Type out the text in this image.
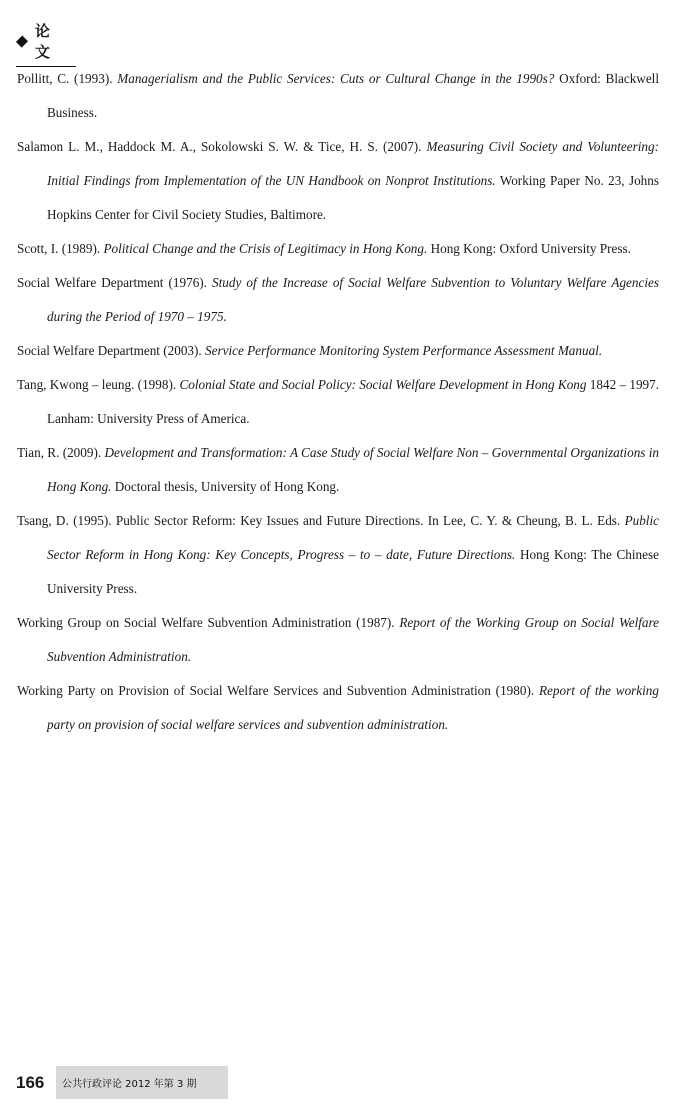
论 文
Pollitt, C. (1993). Managerialism and the Public Services: Cuts or Cultural Change in the 1990s? Oxford: Blackwell Business.
Salamon L. M., Haddock M. A., Sokolowski S. W. & Tice, H. S. (2007). Measuring Civil Society and Volunteering: Initial Findings from Implementation of the UN Handbook on Nonprot Institutions. Working Paper No. 23, Johns Hopkins Center for Civil Society Studies, Baltimore.
Scott, I. (1989). Political Change and the Crisis of Legitimacy in Hong Kong. Hong Kong: Oxford University Press.
Social Welfare Department (1976). Study of the Increase of Social Welfare Subvention to Voluntary Welfare Agencies during the Period of 1970 – 1975.
Social Welfare Department (2003). Service Performance Monitoring System Performance Assessment Manual.
Tang, Kwong – leung. (1998). Colonial State and Social Policy: Social Welfare Development in Hong Kong 1842 – 1997. Lanham: University Press of America.
Tian, R. (2009). Development and Transformation: A Case Study of Social Welfare Non – Governmental Organizations in Hong Kong. Doctoral thesis, University of Hong Kong.
Tsang, D. (1995). Public Sector Reform: Key Issues and Future Directions. In Lee, C. Y. & Cheung, B. L. Eds. Public Sector Reform in Hong Kong: Key Concepts, Progress – to – date, Future Directions. Hong Kong: The Chinese University Press.
Working Group on Social Welfare Subvention Administration (1987). Report of the Working Group on Social Welfare Subvention Administration.
Working Party on Provision of Social Welfare Services and Subvention Administration (1980). Report of the working party on provision of social welfare services and subvention administration.
166	公共行政评论 2012 年第 3 期
